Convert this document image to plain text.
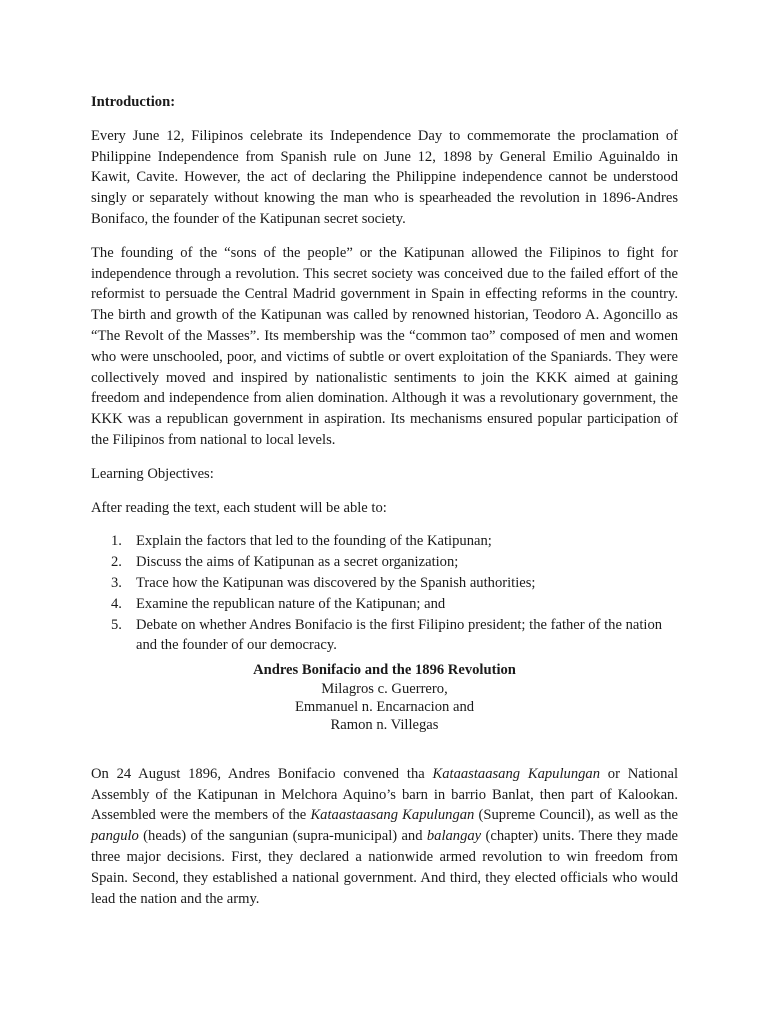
Introduction:

Every June 12, Filipinos celebrate its Independence Day to commemorate the proclamation of Philippine Independence from Spanish rule on June 12, 1898 by General Emilio Aguinaldo in Kawit, Cavite. However, the act of declaring the Philippine independence cannot be understood singly or separately without knowing the man who is spearheaded the revolution in 1896-Andres Bonifaco, the founder of the Katipunan secret society.

The founding of the “sons of the people” or the Katipunan allowed the Filipinos to fight for independence through a revolution. This secret society was conceived due to the failed effort of the reformist to persuade the Central Madrid government in Spain in effecting reforms in the country. The birth and growth of the Katipunan was called by renowned historian, Teodoro A. Agoncillo as “The Revolt of the Masses”. Its membership was the “common tao” composed of men and women who were unschooled, poor, and victims of subtle or overt exploitation of the Spaniards. They were collectively moved and inspired by nationalistic sentiments to join the KKK aimed at gaining freedom and independence from alien domination. Although it was a revolutionary government, the KKK was a republican government in aspiration. Its mechanisms ensured popular participation of the Filipinos from national to local levels.

Learning Objectives:

After reading the text, each student will be able to:

1. Explain the factors that led to the founding of the Katipunan;
2. Discuss the aims of Katipunan as a secret organization;
3. Trace how the Katipunan was discovered by the Spanish authorities;
4. Examine the republican nature of the Katipunan; and
5. Debate on whether Andres Bonifacio is the first Filipino president; the father of the nation and the founder of our democracy.
Andres Bonifacio and the 1896 Revolution
Milagros c. Guerrero,
Emmanuel n. Encarnacion and
Ramon n. Villegas

On 24 August 1896, Andres Bonifacio convened tha Kataastaasang Kapulungan or National Assembly of the Katipunan in Melchora Aquino’s barn in barrio Banlat, then part of Kalookan. Assembled were the members of the Kataastaasang Kapulungan (Supreme Council), as well as the pangulo (heads) of the sangunian (supra-municipal) and balangay (chapter) units. There they made three major decisions. First, they declared a nationwide armed revolution to win freedom from Spain. Second, they established a national government. And third, they elected officials who would lead the nation and the army.
